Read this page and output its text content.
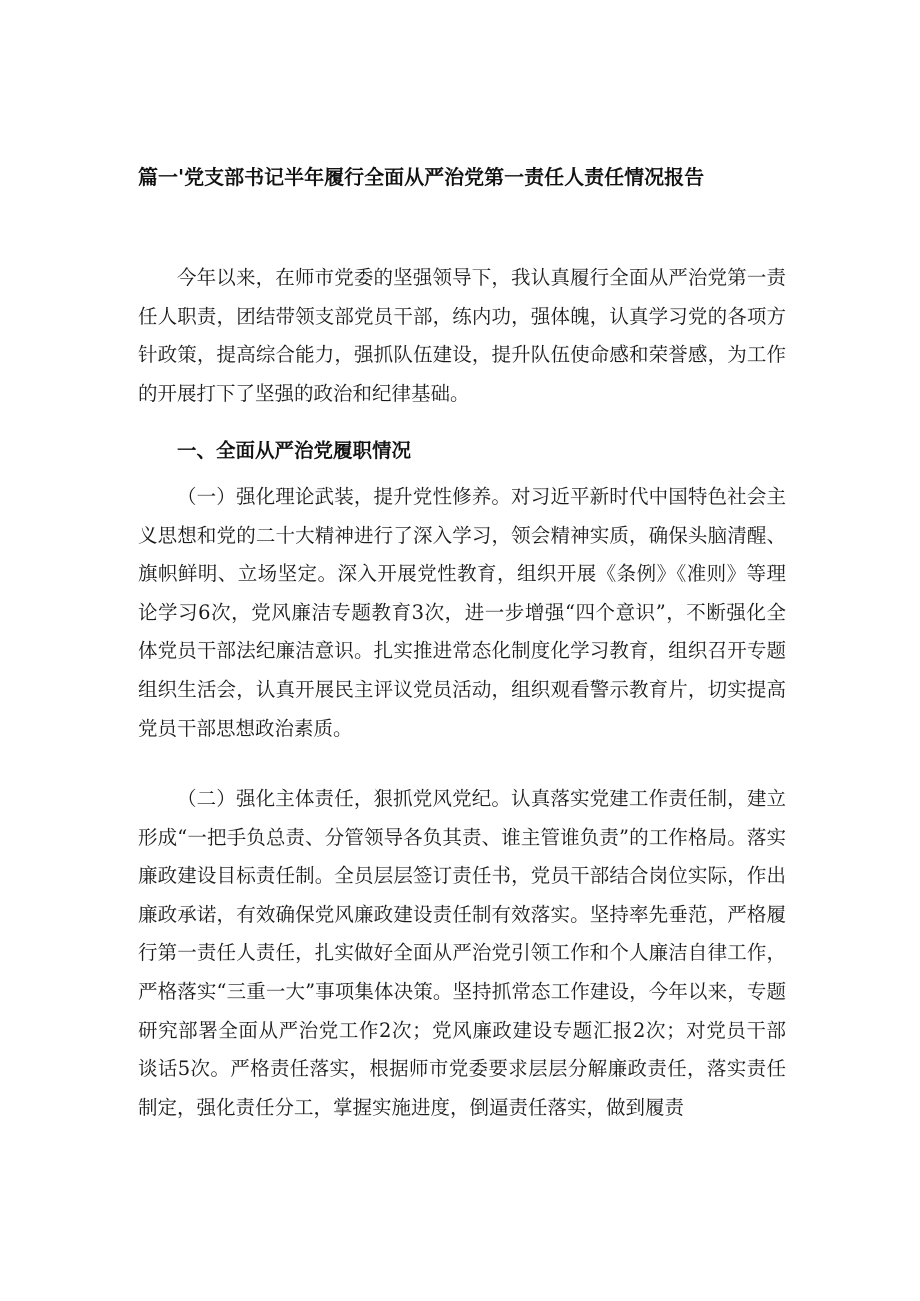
篇一'党支部书记半年履行全面从严治党第一责任人责任情况报告

今年以来，在师市党委的坚强领导下，我认真履行全面从严治党第一责任人职责，团结带领支部党员干部，练内功，强体魄，认真学习党的各项方针政策，提高综合能力，强抓队伍建设，提升队伍使命感和荣誉感，为工作的开展打下了坚强的政治和纪律基础。

一、全面从严治党履职情况

（一）强化理论武装，提升党性修养。对习近平新时代中国特色社会主义思想和党的二十大精神进行了深入学习，领会精神实质，确保头脑清醒、旗帜鲜明、立场坚定。深入开展党性教育，组织开展《条例》《准则》等理论学习6次，党风廉洁专题教育3次，进一步增强“四个意识”，不断强化全体党员干部法纪廉洁意识。扎实推进常态化制度化学习教育，组织召开专题组织生活会，认真开展民主评议党员活动，组织观看警示教育片，切实提高党员干部思想政治素质。

（二）强化主体责任，狠抓党风党纪。认真落实党建工作责任制，建立形成“一把手负总责、分管领导各负其责、谁主管谁负责”的工作格局。落实廉政建设目标责任制。全员层层签订责任书，党员干部结合岗位实际，作出廉政承诺，有效确保党风廉政建设责任制有效落实。坚持率先垂范，严格履行第一责任人责任，扎实做好全面从严治党引领工作和个人廉洁自律工作，严格落实“三重一大”事项集体决策。坚持抓常态工作建设，今年以来，专题研究部署全面从严治党工作2次；党风廉政建设专题汇报2次；对党员干部谈话5次。严格责任落实，根据师市党委要求层层分解廉政责任，落实责任制定，强化责任分工，掌握实施进度，倒逼责任落实，做到履责
